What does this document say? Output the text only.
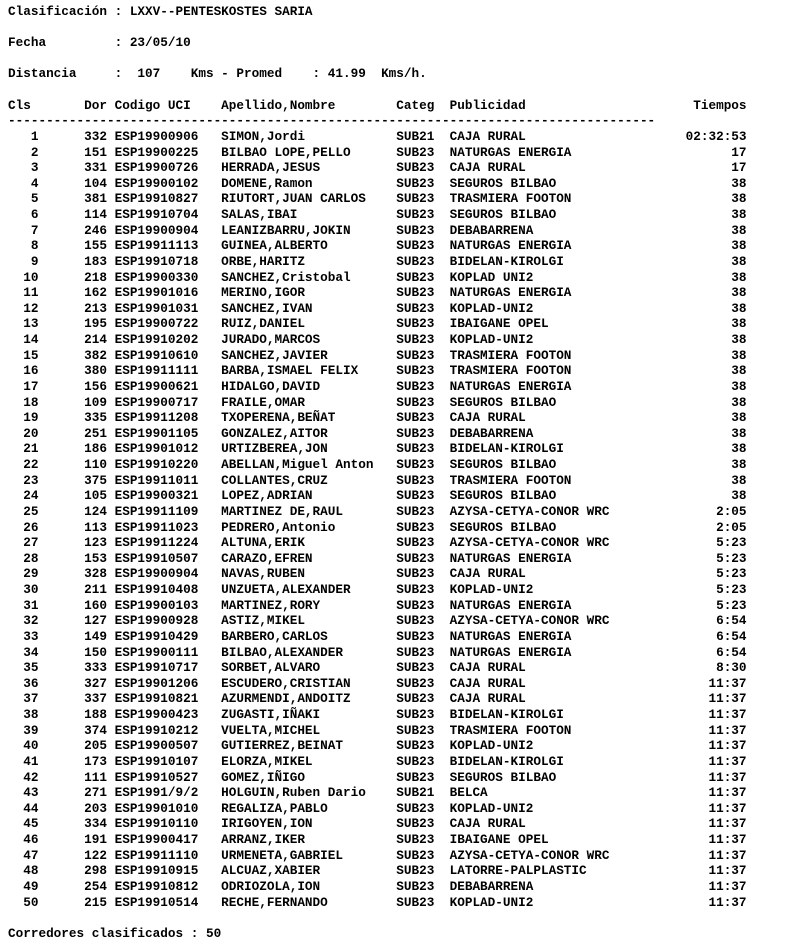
Clasificación : LXXV--PENTESKOSTES SARIA
Fecha         : 23/05/10
Distancia     :  107    Kms - Promed    : 41.99  Kms/h.
Cls       Dor Codigo UCI    Apellido,Nombre        Categ  Publicidad                      Tiempos
-------------------------------------------------------------------------------------
1      332 ESP19900906   SIMON,Jordi            SUB21  CAJA RURAL                     02:32:53
2      151 ESP19900225   BILBAO LOPE,PELLO      SUB23  NATURGAS ENERGIA                     17
3      331 ESP19900726   HERRADA,JESUS          SUB23  CAJA RURAL                           17
4      104 ESP19900102   DOMENE,Ramon           SUB23  SEGUROS BILBAO                       38
5      381 ESP19910827   RIUTORT,JUAN CARLOS    SUB23  TRASMIERA FOOTON                     38
6      114 ESP19910704   SALAS,IBAI             SUB23  SEGUROS BILBAO                       38
7      246 ESP19900904   LEANIZBARRU,JOKIN      SUB23  DEBABARRENA                          38
8      155 ESP19911113   GUINEA,ALBERTO         SUB23  NATURGAS ENERGIA                     38
9      183 ESP19910718   ORBE,HARITZ            SUB23  BIDELAN-KIROLGI                      38
10      218 ESP19900330   SANCHEZ,Cristobal      SUB23  KOPLAD UNI2                          38
11      162 ESP19901016   MERINO,IGOR            SUB23  NATURGAS ENERGIA                     38
12      213 ESP19901031   SANCHEZ,IVAN           SUB23  KOPLAD-UNI2                          38
13      195 ESP19900722   RUIZ,DANIEL            SUB23  IBAIGANE OPEL                        38
14      214 ESP19910202   JURADO,MARCOS          SUB23  KOPLAD-UNI2                          38
15      382 ESP19910610   SANCHEZ,JAVIER         SUB23  TRASMIERA FOOTON                     38
16      380 ESP19911111   BARBA,ISMAEL FELIX     SUB23  TRASMIERA FOOTON                     38
17      156 ESP19900621   HIDALGO,DAVID          SUB23  NATURGAS ENERGIA                     38
18      109 ESP19900717   FRAILE,OMAR            SUB23  SEGUROS BILBAO                       38
19      335 ESP19911208   TXOPERENA,BEÑAT        SUB23  CAJA RURAL                           38
20      251 ESP19901105   GONZALEZ,AITOR         SUB23  DEBABARRENA                          38
21      186 ESP19901012   URTIZBEREA,JON         SUB23  BIDELAN-KIROLGI                      38
22      110 ESP19910220   ABELLAN,Miguel Anton   SUB23  SEGUROS BILBAO                       38
23      375 ESP19911011   COLLANTES,CRUZ         SUB23  TRASMIERA FOOTON                     38
24      105 ESP19900321   LOPEZ,ADRIAN           SUB23  SEGUROS BILBAO                       38
25      124 ESP19911109   MARTINEZ DE,RAUL       SUB23  AZYSA-CETYA-CONOR WRC              2:05
26      113 ESP19911023   PEDRERO,Antonio        SUB23  SEGUROS BILBAO                     2:05
27      123 ESP19911224   ALTUNA,ERIK            SUB23  AZYSA-CETYA-CONOR WRC              5:23
28      153 ESP19910507   CARAZO,EFREN           SUB23  NATURGAS ENERGIA                   5:23
29      328 ESP19900904   NAVAS,RUBEN            SUB23  CAJA RURAL                         5:23
30      211 ESP19910408   UNZUETA,ALEXANDER      SUB23  KOPLAD-UNI2                        5:23
31      160 ESP19900103   MARTINEZ,RORY          SUB23  NATURGAS ENERGIA                   5:23
32      127 ESP19900928   ASTIZ,MIKEL            SUB23  AZYSA-CETYA-CONOR WRC              6:54
33      149 ESP19910429   BARBERO,CARLOS         SUB23  NATURGAS ENERGIA                   6:54
34      150 ESP19900111   BILBAO,ALEXANDER       SUB23  NATURGAS ENERGIA                   6:54
35      333 ESP19910717   SORBET,ALVARO          SUB23  CAJA RURAL                         8:30
36      327 ESP19901206   ESCUDERO,CRISTIAN      SUB23  CAJA RURAL                        11:37
37      337 ESP19910821   AZURMENDI,ANDOITZ      SUB23  CAJA RURAL                        11:37
38      188 ESP19900423   ZUGASTI,IÑAKI          SUB23  BIDELAN-KIROLGI                   11:37
39      374 ESP19910212   VUELTA,MICHEL          SUB23  TRASMIERA FOOTON                  11:37
40      205 ESP19900507   GUTIERREZ,BEINAT       SUB23  KOPLAD-UNI2                       11:37
41      173 ESP19910107   ELORZA,MIKEL           SUB23  BIDELAN-KIROLGI                   11:37
42      111 ESP19910527   GOMEZ,IÑIGO            SUB23  SEGUROS BILBAO                    11:37
43      271 ESP1991/9/2   HOLGUIN,Ruben Dario    SUB21  BELCA                             11:37
44      203 ESP19901010   REGALIZA,PABLO         SUB23  KOPLAD-UNI2                       11:37
45      334 ESP19910110   IRIGOYEN,ION           SUB23  CAJA RURAL                        11:37
46      191 ESP19900417   ARRANZ,IKER            SUB23  IBAIGANE OPEL                     11:37
47      122 ESP19911110   URMENETA,GABRIEL       SUB23  AZYSA-CETYA-CONOR WRC             11:37
48      298 ESP19910915   ALCUAZ,XABIER          SUB23  LATORRE-PALPLASTIC                11:37
49      254 ESP19910812   ODRIOZOLA,ION          SUB23  DEBABARRENA                       11:37
50      215 ESP19910514   RECHE,FERNANDO         SUB23  KOPLAD-UNI2                       11:37
Corredores clasificados : 50
